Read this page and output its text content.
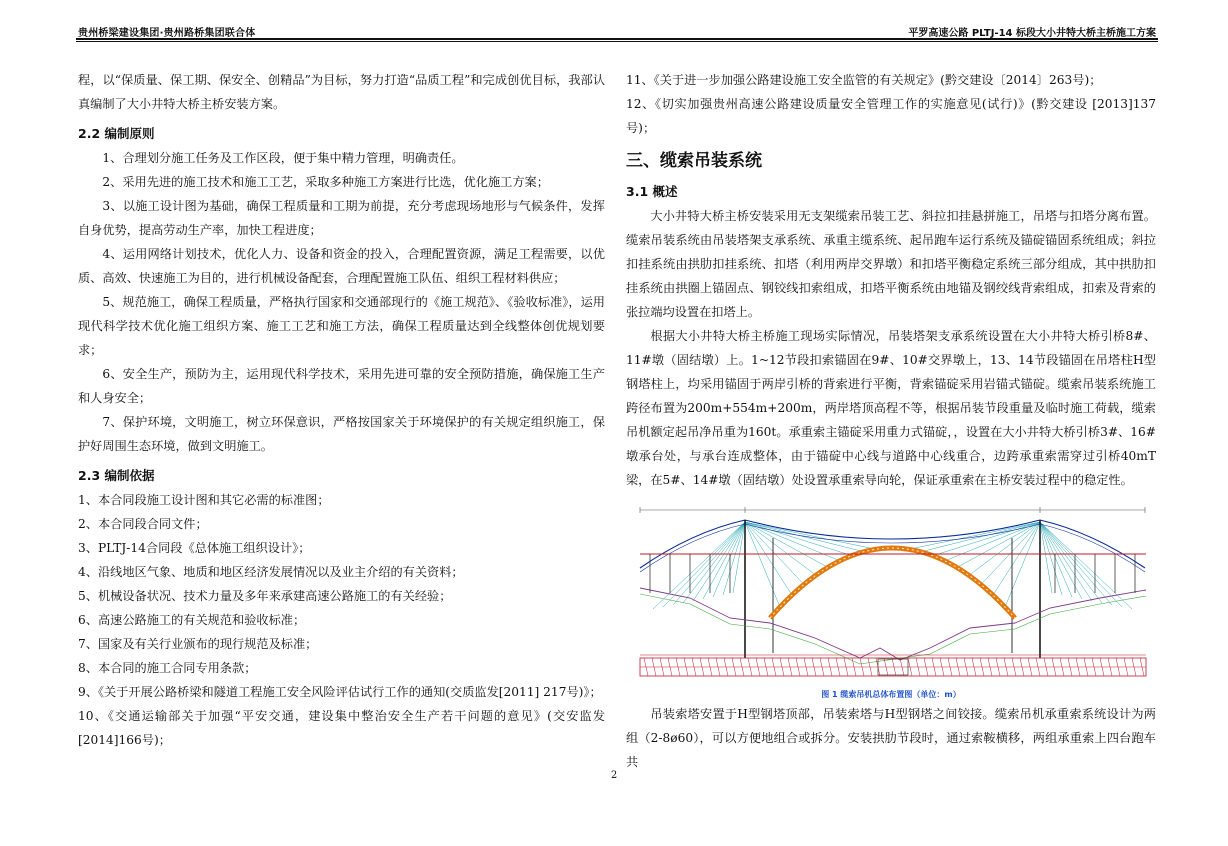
贵州桥梁建设集团·贵州路桥集团联合体	平罗高速公路 PLTJ-14 标段大小井特大桥主桥施工方案

程，以“保质量、保工期、保安全、创精品”为目标，努力打造“品质工程”和完成创优目标，我部认真编制了大小井特大桥主桥安装方案。

2.2 编制原则

1、合理划分施工任务及工作区段，便于集中精力管理，明确责任。

2、采用先进的施工技术和施工工艺，采取多种施工方案进行比选，优化施工方案；

3、以施工设计图为基础，确保工程质量和工期为前提，充分考虑现场地形与气候条件，发挥自身优势，提高劳动生产率，加快工程进度；

4、运用网络计划技术，优化人力、设备和资金的投入，合理配置资源，满足工程需要，以优质、高效、快速施工为目的，进行机械设备配套，合理配置施工队伍、组织工程材料供应；

5、规范施工，确保工程质量，严格执行国家和交通部现行的《施工规范》、《验收标准》，运用现代科学技术优化施工组织方案、施工工艺和施工方法，确保工程质量达到全线整体创优规划要求；

6、安全生产，预防为主，运用现代科学技术，采用先进可靠的安全预防措施，确保施工生产和人身安全；

7、保护环境，文明施工，树立环保意识，严格按国家关于环境保护的有关规定组织施工，保护好周围生态环境，做到文明施工。

2.3 编制依据

1、本合同段施工设计图和其它必需的标准图；

2、本合同段合同文件；

3、PLTJ-14合同段《总体施工组织设计》；

4、沿线地区气象、地质和地区经济发展情况以及业主介绍的有关资料；

5、机械设备状况、技术力量及多年来承建高速公路施工的有关经验；

6、高速公路施工的有关规范和验收标准；

7、国家及有关行业颁布的现行规范及标准；

8、本合同的施工合同专用条款；

9、《关于开展公路桥梁和隧道工程施工安全风险评估试行工作的通知(交质监发[2011] 217号)》；

10、《交通运输部关于加强“平安交通，建设集中整治安全生产若干问题的意见》(交安监发[2014]166号)；

11、《关于进一步加强公路建设施工安全监管的有关规定》(黔交建设〔2014〕263号)；

12、《切实加强贵州高速公路建设质量安全管理工作的实施意见(试行)》(黔交建设 [2013]137号)；

三、缆索吊装系统
3.1 概述

大小井特大桥主桥安装采用无支架缆索吊装工艺、斜拉扣挂悬拼施工，吊塔与扣塔分离布置。缆索吊装系统由吊装塔架支承系统、承重主缆系统、起吊跑车运行系统及锚碇锚固系统组成；斜拉扣挂系统由拱肋扣挂系统、扣塔（利用两岸交界墩）和扣塔平衡稳定系统三部分组成，其中拱肋扣挂系统由拱圈上锚固点、钢铰线扣索组成，扣塔平衡系统由地锚及钢绞线背索组成，扣索及背索的张拉端均设置在扣塔上。

根据大小井特大桥主桥施工现场实际情况，吊装塔架支承系统设置在大小井特大桥引桥8#、11#墩（固结墩）上。1~12节段扣索锚固在9#、10#交界墩上，13、14节段锚固在吊塔柱H型钢塔柱上，均采用锚固于两岸引桥的背索进行平衡，背索锚碇采用岩锚式锚碇。缆索吊装系统施工跨径布置为200m+554m+200m，两岸塔顶高程不等，根据吊装节段重量及临时施工荷载，缆索吊机额定起吊净吊重为160t。承重索主锚碇采用重力式锚碇，，设置在大小井特大桥引桥3#、16#墩承台处，与承台连成整体，由于锚碇中心线与道路中心线重合，边跨承重索需穿过引桥40mT梁，在5#、14#墩（固结墩）处设置承重索导向轮，保证承重索在主桥安装过程中的稳定性。

图 1 缆索吊机总体布置图（单位：m）

吊装索塔安置于H型钢塔顶部，吊装索塔与H型钢塔之间铰接。缆索吊机承重索系统设计为两组（2-8ø60），可以方便地组合或拆分。安装拱肋节段时，通过索鞍横移，两组承重索上四台跑车共

2
